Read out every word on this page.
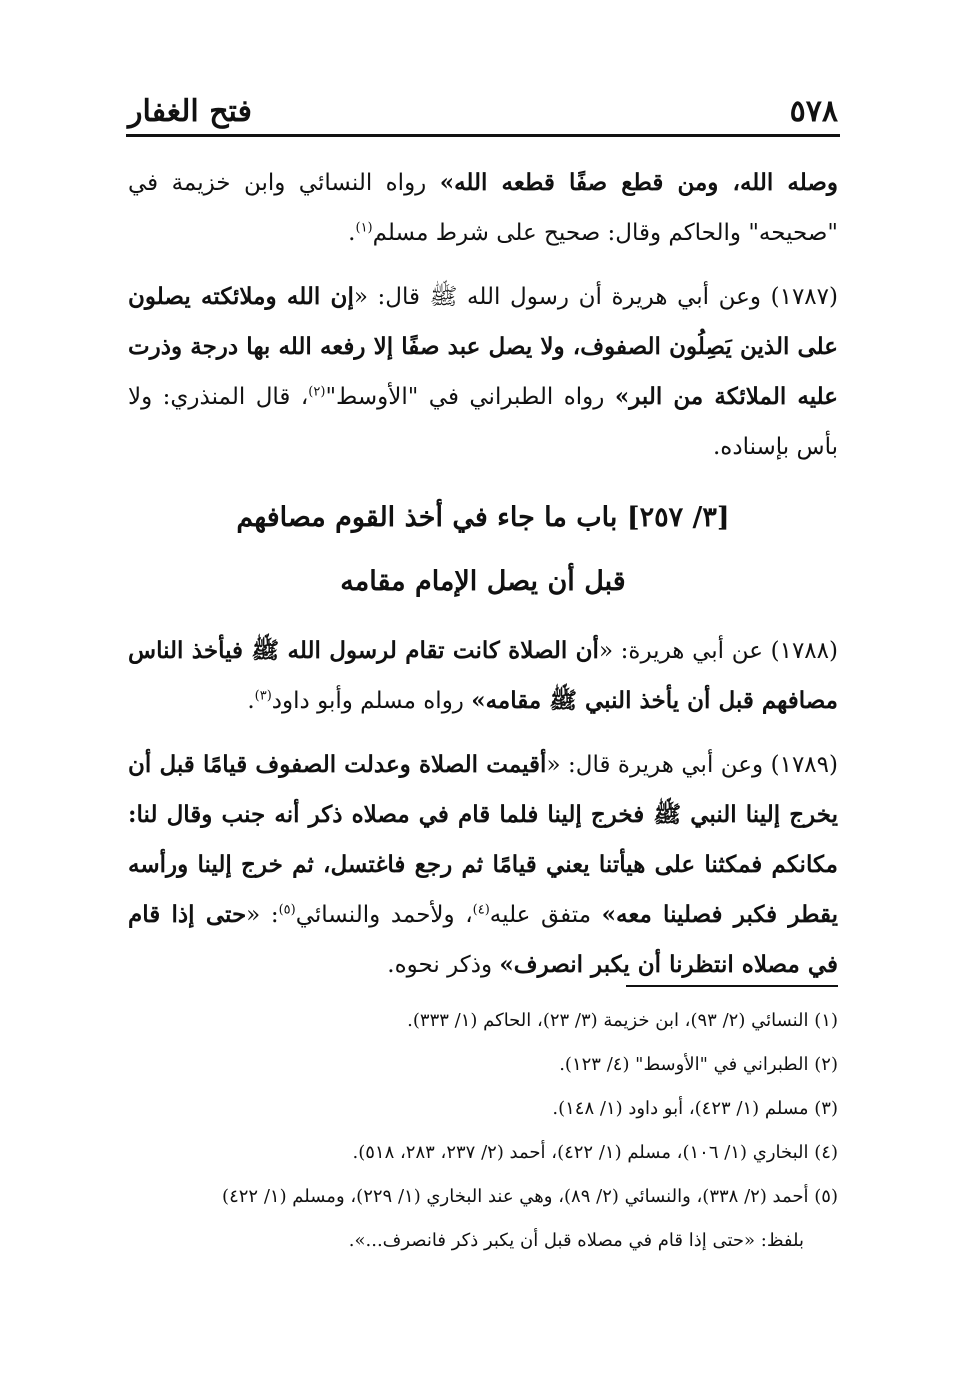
٥٧٨
فتح الغفار

وصله الله، ومن قطع صفًا قطعه الله» رواه النسائي وابن خزيمة في "صحيحه" والحاكم وقال: صحيح على شرط مسلم$^{(١)}$.

(١٧٨٧) وعن أبي هريرة أن رسول الله ﷺ قال: «إن الله وملائكته يصلون على الذين يَصِلُون الصفوف، ولا يصل عبد صفًا إلا رفعه الله بها درجة وذرت عليه الملائكة من البر» رواه الطبراني في "الأوسط"$^{(٢)}$، قال المنذري: ولا بأس بإسناده.

[٣/ ٢٥٧] باب ما جاء في أخذ القوم مصافهم
قبل أن يصل الإمام مقامه

(١٧٨٨) عن أبي هريرة: «أن الصلاة كانت تقام لرسول الله ﷺ فيأخذ الناس مصافهم قبل أن يأخذ النبي ﷺ مقامه» رواه مسلم وأبو داود$^{(٣)}$.

(١٧٨٩) وعن أبي هريرة قال: «أقيمت الصلاة وعدلت الصفوف قيامًا قبل أن يخرج إلينا النبي ﷺ فخرج إلينا فلما قام في مصلاه ذكر أنه جنب وقال لنا: مكانكم فمكثنا على هيأتنا يعني قيامًا ثم رجع فاغتسل، ثم خرج إلينا ورأسه يقطر فكبر فصلينا معه» متفق عليه$^{(٤)}$، ولأحمد والنسائي$^{(٥)}$: «حتى إذا قام في مصلاه انتظرنا أن يكبر انصرف» وذكر نحوه.

(١) النسائي (٢/ ٩٣)، ابن خزيمة (٣/ ٢٣)، الحاكم (١/ ٣٣٣).
(٢) الطبراني في "الأوسط" (٤/ ١٢٣).
(٣) مسلم (١/ ٤٢٣)، أبو داود (١/ ١٤٨).
(٤) البخاري (١/ ١٠٦)، مسلم (١/ ٤٢٢)، أحمد (٢/ ٢٣٧، ٢٨٣، ٥١٨).
(٥) أحمد (٢/ ٣٣٨)، والنسائي (٢/ ٨٩)، وهي عند البخاري (١/ ٢٢٩)، ومسلم (١/ ٤٢٢)
بلفظ: «حتى إذا قام في مصلاه قبل أن يكبر ذكر فانصرف...».
